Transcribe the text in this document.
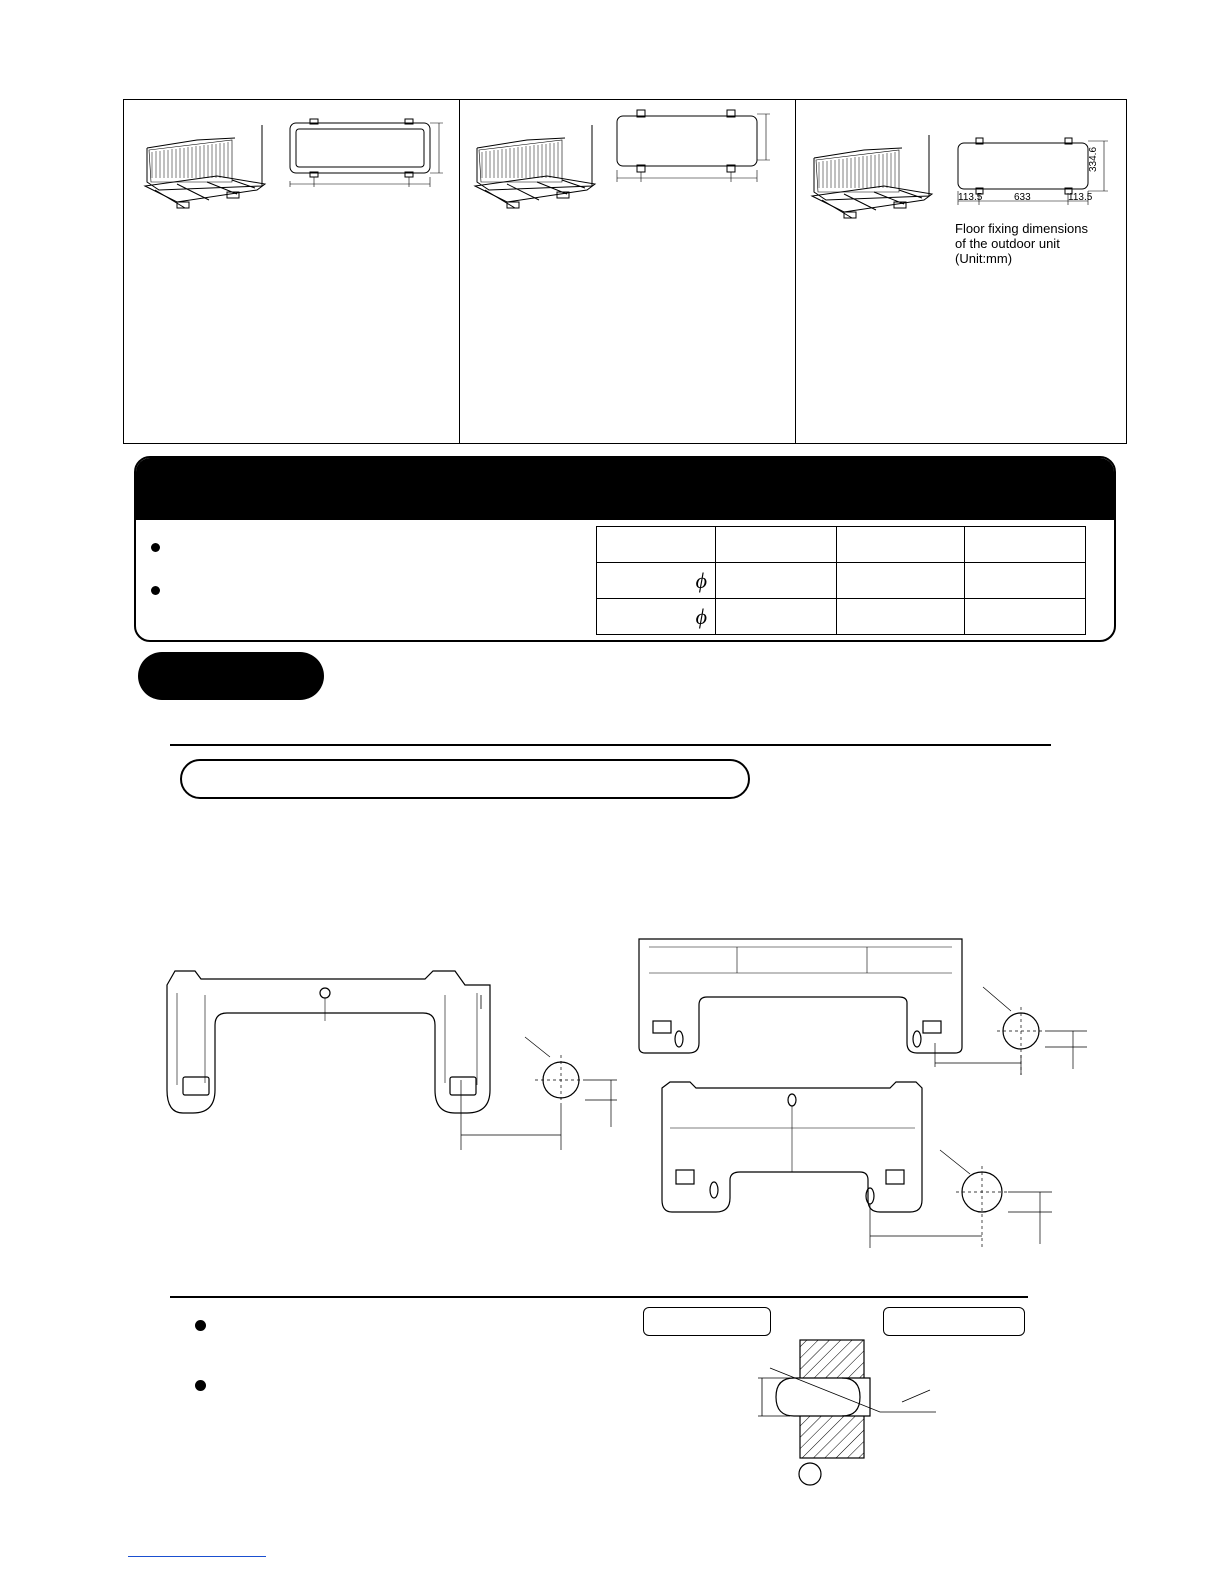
113.5	633	113.5
334.6
Floor fixing dimensions
of the outdoor unit
(Unit:mm)

ϕ			
ϕ			
